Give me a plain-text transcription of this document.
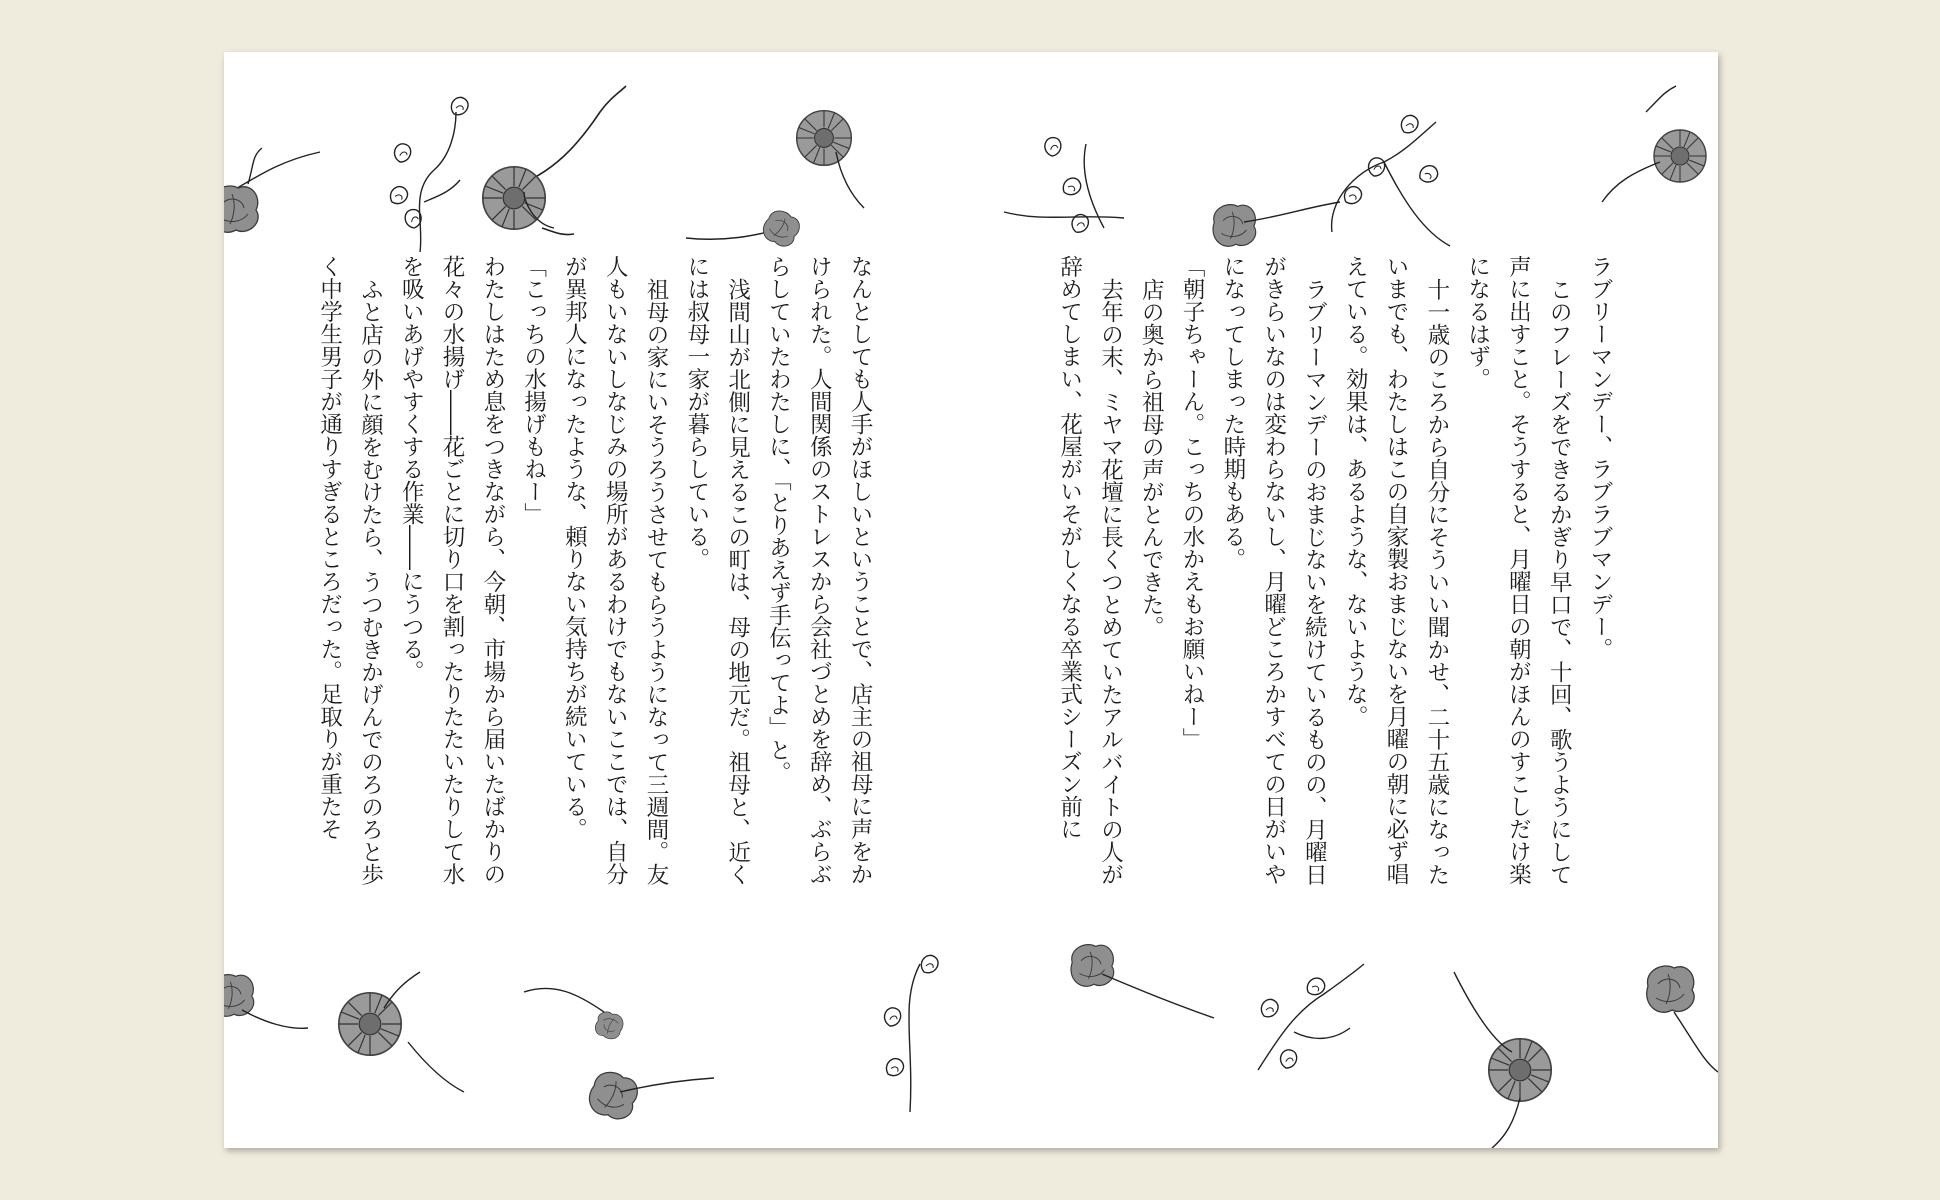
ラブリーマンデー、ラブラブマンデー。

このフレーズをできるかぎり早口で、十回、歌うようにして声に出すこと。そうすると、月曜日の朝がほんのすこしだけ楽になるはず。

十一歳のころから自分にそういい聞かせ、二十五歳になったいまでも、わたしはこの自家製おまじないを月曜の朝に必ず唱えている。効果は、あるような、ないような。

ラブリーマンデーのおまじないを続けているものの、月曜日がきらいなのは変わらないし、月曜どころかすべての日がいやになってしまった時期もある。

「朝子ちゃーん。こっちの水かえもお願いねー」

店の奥から祖母の声がとんできた。

去年の末、ミヤマ花壇に長くつとめていたアルバイトの人が辞めてしまい、花屋がいそがしくなる卒業式シーズン前に

なんとしても人手がほしいということで、店主の祖母に声をかけられた。人間関係のストレスから会社づとめを辞め、ぶらぶらしていたわたしに、「とりあえず手伝ってよ」と。

浅間山が北側に見えるこの町は、母の地元だ。祖母と、近くには叔母一家が暮らしている。

祖母の家にいそうろうさせてもらうようになって三週間。友人もいないしなじみの場所があるわけでもないここでは、自分が異邦人になったような、頼りない気持ちが続いている。

「こっちの水揚げもねー」

わたしはため息をつきながら、今朝、市場から届いたばかりの花々の水揚げ――花ごとに切り口を割ったりたたいたりして水を吸いあげやすくする作業――にうつる。

ふと店の外に顔をむけたら、うつむきかげんでのろのろと歩く中学生男子が通りすぎるところだった。足取りが重たそ
